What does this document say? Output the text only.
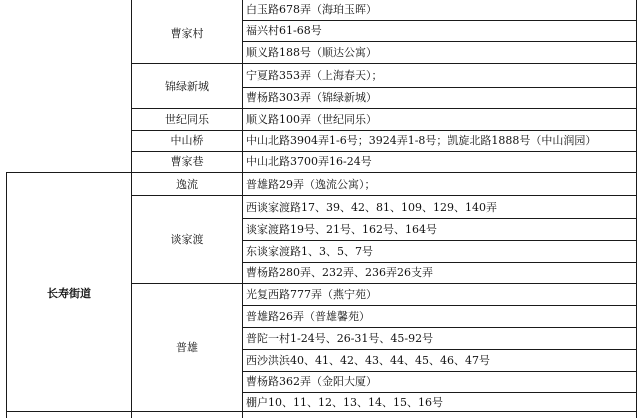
长寿街道
曹家村
锦绿新城
世纪同乐
中山桥
曹家巷
逸流
谈家渡
普雄
白玉路678弄（海珀玉晖）
福兴村61-68号
顺义路188号（顺达公寓）
宁夏路353弄（上海春天）；
曹杨路303弄（锦绿新城）
顺义路100弄（世纪同乐）
中山北路3904弄1-6号；3924弄1-8号；凯旋北路1888号（中山润园）
中山北路3700弄16-24号
普雄路29弄（逸流公寓）；
西谈家渡路17、39、42、81、109、129、140弄
谈家渡路19号、21号、162号、164号
东谈家渡路1、3、5、7号
曹杨路280弄、232弄、236弄26支弄
光复西路777弄（燕宁苑）
普雄路26弄（普雄馨苑）
普陀一村1-24号、26-31号、45-92号
西沙洪浜40、41、42、43、44、45、46、47号
曹杨路362弄（金阳大厦）
棚户10、11、12、13、14、15、16号
